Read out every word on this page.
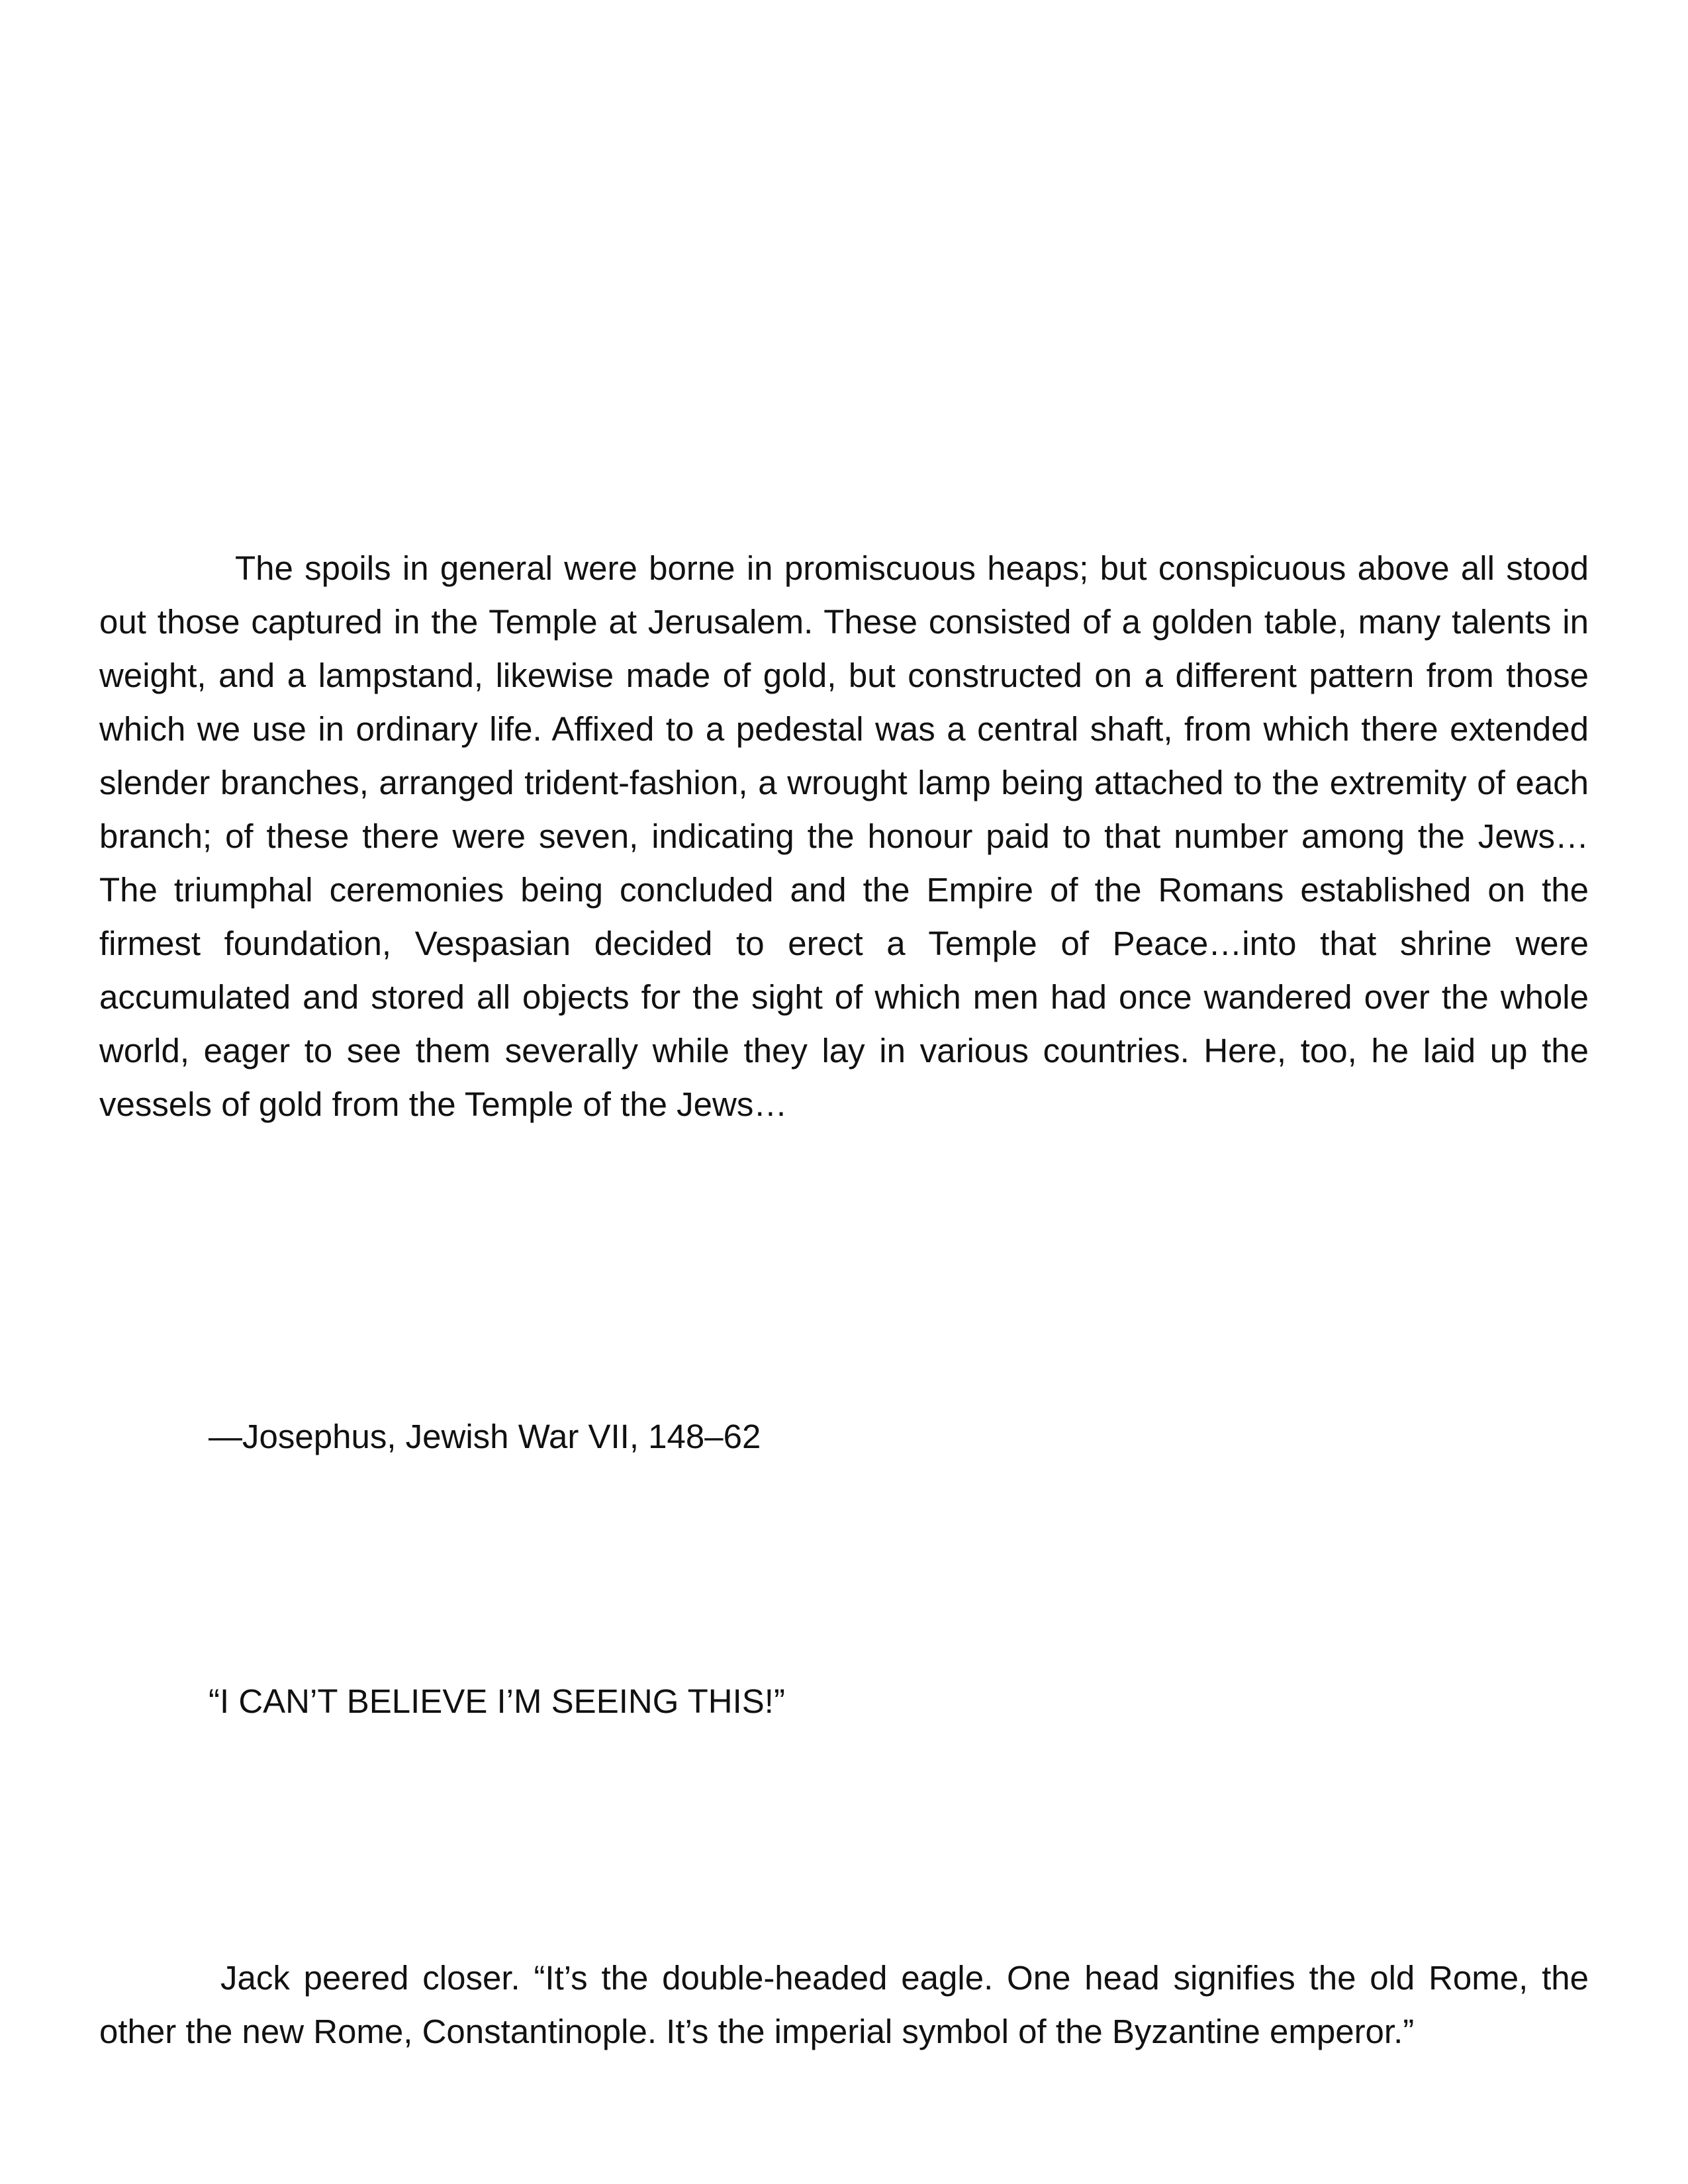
The spoils in general were borne in promiscuous heaps; but conspicuous above all stood out those captured in the Temple at Jerusalem. These consisted of a golden table, many talents in weight, and a lampstand, likewise made of gold, but constructed on a different pattern from those which we use in ordinary life. Affixed to a pedestal was a central shaft, from which there extended slender branches, arranged trident-fashion, a wrought lamp being attached to the extremity of each branch; of these there were seven, indicating the honour paid to that number among the Jews…The triumphal ceremonies being concluded and the Empire of the Romans established on the firmest foundation, Vespasian decided to erect a Temple of Peace…into that shrine were accumulated and stored all objects for the sight of which men had once wandered over the whole world, eager to see them severally while they lay in various countries. Here, too, he laid up the vessels of gold from the Temple of the Jews…

—Josephus, Jewish War VII, 148–62

“I CAN’T BELIEVE I’M SEEING THIS!”

Jack peered closer. “It’s the double-headed eagle. One head signifies the old Rome, the other the new Rome, Constantinople. It’s the imperial symbol of the Byzantine emperor.”
